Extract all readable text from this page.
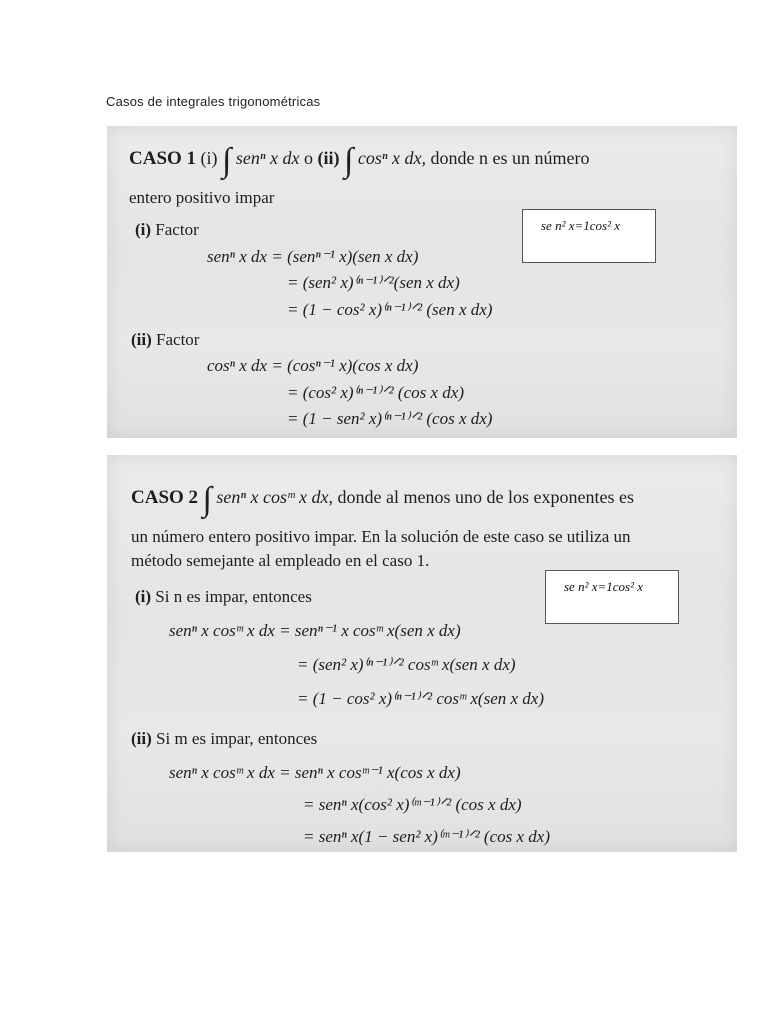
Casos de integrales trigonométricas
CASO 1 (i) ∫ senⁿ x dx o (ii) ∫ cosⁿ x dx, donde n es un número
entero positivo impar
(i) Factor
senⁿ x dx = (senⁿ⁻¹ x)(sen x dx)
= (sen² x)⁽ⁿ⁻¹⁾ᐟ²(sen x dx)
= (1 − cos² x)⁽ⁿ⁻¹⁾ᐟ² (sen x dx)
(ii) Factor
cosⁿ x dx = (cosⁿ⁻¹ x)(cos x dx)
= (cos² x)⁽ⁿ⁻¹⁾ᐟ² (cos x dx)
= (1 − sen² x)⁽ⁿ⁻¹⁾ᐟ² (cos x dx)
CASO 2 ∫ senⁿ x cosᵐ x dx, donde al menos uno de los exponentes es
un número entero positivo impar. En la solución de este caso se utiliza un
método semejante al empleado en el caso 1.
(i) Si n es impar, entonces
senⁿ x cosᵐ x dx = senⁿ⁻¹ x cosᵐ x(sen x dx)
= (sen² x)⁽ⁿ⁻¹⁾ᐟ² cosᵐ x(sen x dx)
= (1 − cos² x)⁽ⁿ⁻¹⁾ᐟ² cosᵐ x(sen x dx)
(ii) Si m es impar, entonces
senⁿ x cosᵐ x dx = senⁿ x cosᵐ⁻¹ x(cos x dx)
= senⁿ x(cos² x)⁽ᵐ⁻¹⁾ᐟ² (cos x dx)
= senⁿ x(1 − sen² x)⁽ᵐ⁻¹⁾ᐟ² (cos x dx)
se n² x=1cos² x
se n² x=1cos² x
